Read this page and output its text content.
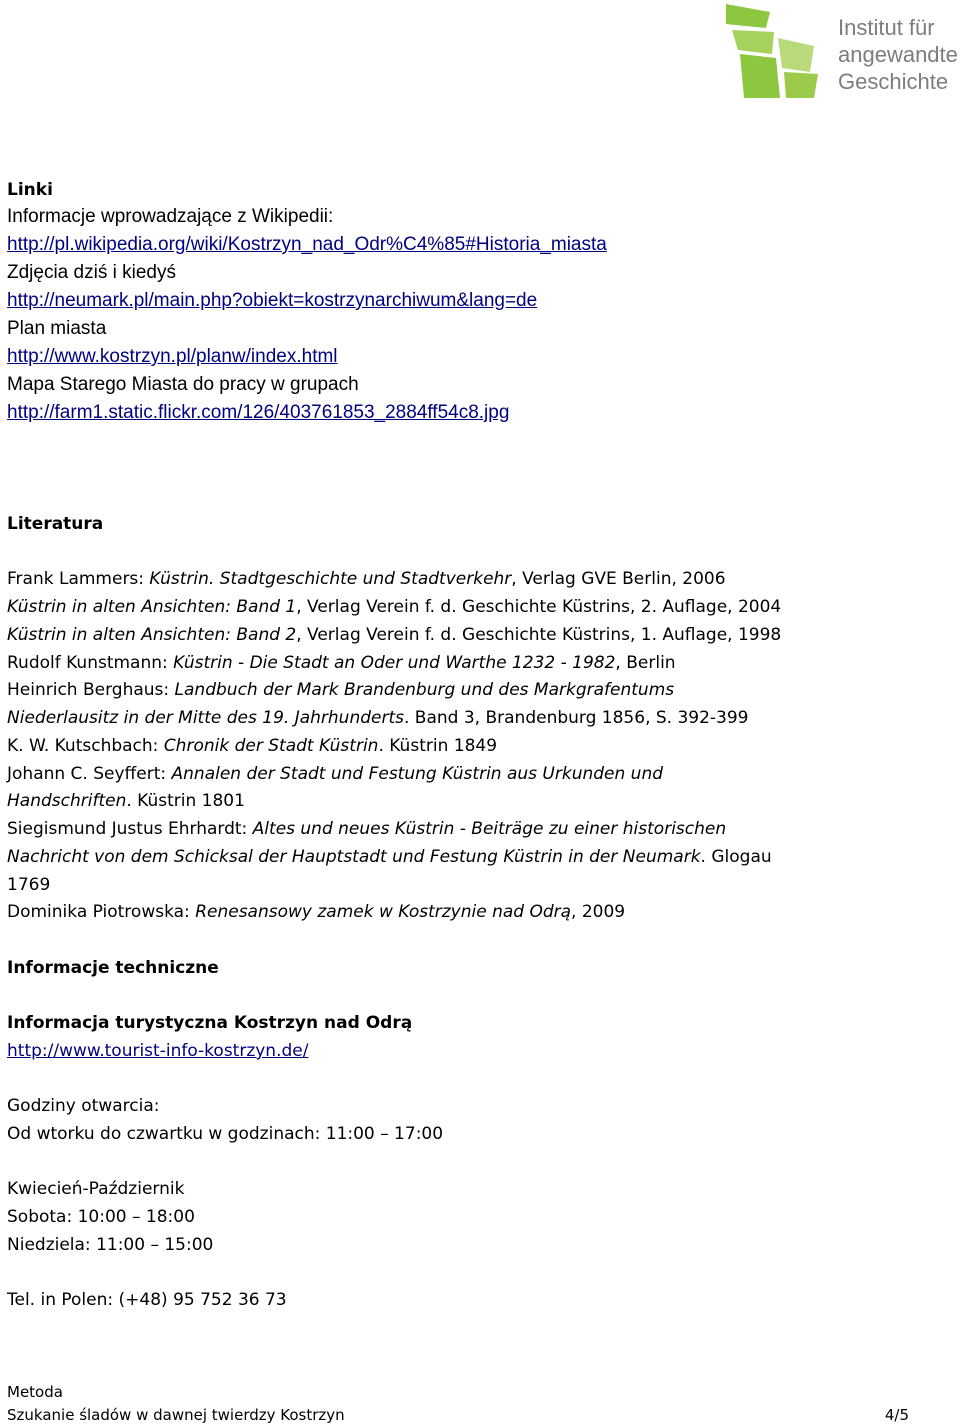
Institut für
angewandte
Geschichte
Linki
Informacje wprowadzające z Wikipedii:
http://pl.wikipedia.org/wiki/Kostrzyn_nad_Odr%C4%85#Historia_miasta
Zdjęcia dziś i kiedyś
http://neumark.pl/main.php?obiekt=kostrzynarchiwum&lang=de
Plan miasta
http://www.kostrzyn.pl/planw/index.html
Mapa Starego Miasta do pracy w grupach
http://farm1.static.flickr.com/126/403761853_2884ff54c8.jpg
Literatura
Frank Lammers: Küstrin. Stadtgeschichte und Stadtverkehr, Verlag GVE Berlin, 2006
Küstrin in alten Ansichten: Band 1, Verlag Verein f. d. Geschichte Küstrins, 2. Auflage, 2004
Küstrin in alten Ansichten: Band 2, Verlag Verein f. d. Geschichte Küstrins, 1. Auflage, 1998
Rudolf Kunstmann: Küstrin - Die Stadt an Oder und Warthe 1232 - 1982, Berlin
Heinrich Berghaus: Landbuch der Mark Brandenburg und des Markgrafentums
Niederlausitz in der Mitte des 19. Jahrhunderts. Band 3, Brandenburg 1856, S. 392-399
K. W. Kutschbach: Chronik der Stadt Küstrin. Küstrin 1849
Johann C. Seyffert: Annalen der Stadt und Festung Küstrin aus Urkunden und
Handschriften. Küstrin 1801
Siegismund Justus Ehrhardt: Altes und neues Küstrin - Beiträge zu einer historischen
Nachricht von dem Schicksal der Hauptstadt und Festung Küstrin in der Neumark. Glogau
1769
Dominika Piotrowska: Renesansowy zamek w Kostrzynie nad Odrą, 2009
Informacje techniczne
Informacja turystyczna Kostrzyn nad Odrą
http://www.tourist-info-kostrzyn.de/
Godziny otwarcia:
Od wtorku do czwartku w godzinach: 11:00 – 17:00
Kwiecień-Październik
Sobota: 10:00 – 18:00
Niedziela: 11:00 – 15:00
Tel. in Polen: (+48) 95 752 36 73
Metoda
Szukanie śladów w dawnej twierdzy Kostrzyn	4/5
